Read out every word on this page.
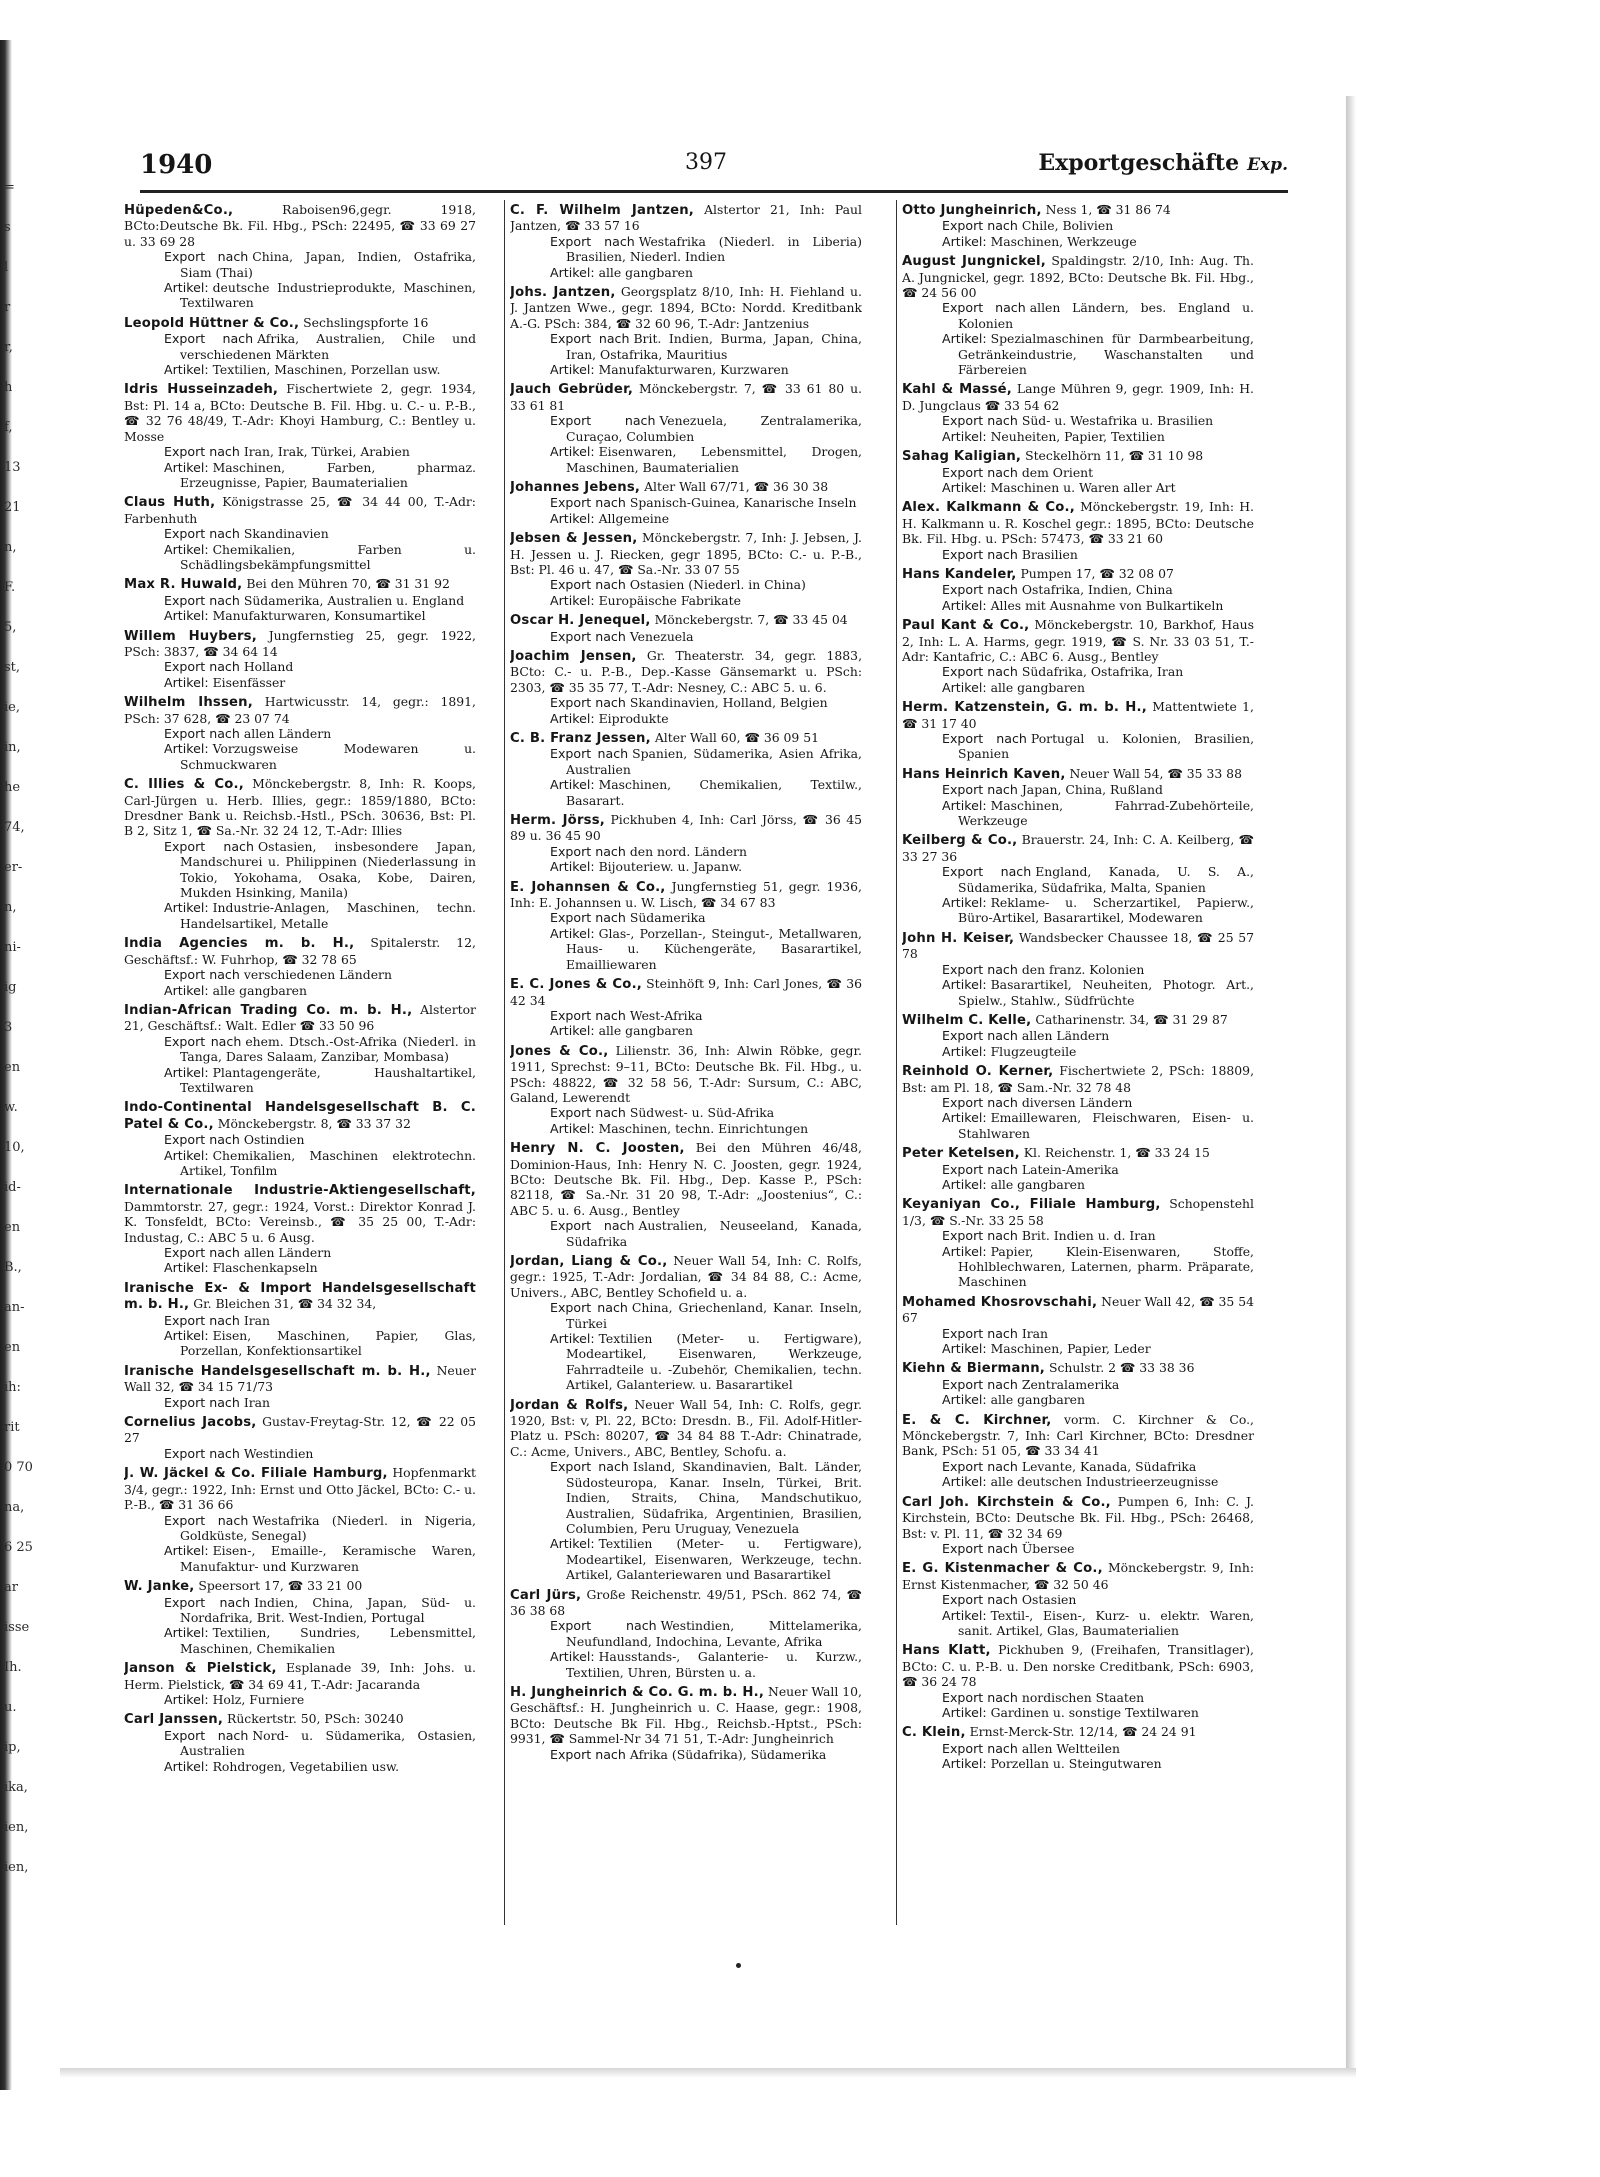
=
s
l
r
r,
h
f,
13
21
n,
F.
5,
st,
ie,
in,
he
74,
er-
n,
ni-
ig
3
en
w.
10,
id-
en
B.,
an-
en
ih:
rit
0 70
na,
6 25
ar
isse
Ih.
u.
ip,
ika,
ien,
ien,
1940	397	Exportgeschäfte Exp.
Hüpeden&Co.,	Raboisen96,gegr. 1918, BCto:Deutsche Bk. Fil. Hbg., PSch: 22495, ☎ 33 69 27 u. 33 69 28
Export nach China, Japan, Indien, Ostafrika, Siam (Thai)
Artikel: deutsche Industrieprodukte, Maschinen, Textilwaren
Leopold Hüttner & Co., Sechslingspforte 16
Export nach Afrika, Australien, Chile und verschiedenen Märkten
Artikel: Textilien, Maschinen, Porzellan usw.
Idris Husseinzadeh, Fischertwiete 2, gegr. 1934, Bst: Pl. 14 a, BCto: Deutsche B. Fil. Hbg. u. C.- u. P.-B., ☎ 32 76 48/49, T.-Adr: Khoyi Hamburg, C.: Bentley u. Mosse
Export nach Iran, Irak, Türkei, Arabien
Artikel: Maschinen, Farben, pharmaz. Erzeugnisse, Papier, Baumaterialien
Claus Huth, Königstrasse 25, ☎ 34 44 00, T.-Adr: Farbenhuth
Export nach Skandinavien
Artikel: Chemikalien, Farben u. Schädlingsbekämpfungsmittel
Max R. Huwald, Bei den Mühren 70, ☎ 31 31 92
Export nach Südamerika, Australien u. England
Artikel: Manufakturwaren, Konsumartikel
Willem Huybers, Jungfernstieg 25, gegr. 1922, PSch: 3837, ☎ 34 64 14
Export nach Holland
Artikel: Eisenfässer
Wilhelm Ihssen, Hartwicusstr. 14, gegr.: 1891, PSch: 37 628, ☎ 23 07 74
Export nach allen Ländern
Artikel: Vorzugsweise Modewaren u. Schmuckwaren
C. Illies & Co., Mönckebergstr. 8, Inh: R. Koops, Carl-Jürgen u. Herb. Illies, gegr.: 1859/1880, BCto: Dresdner Bank u. Reichsb.-Hstl., PSch. 30636, Bst: Pl. B 2, Sitz 1, ☎ Sa.-Nr. 32 24 12, T.-Adr: Illies
Export nach Ostasien, insbesondere Japan, Mandschurei u. Philippinen (Niederlassung in Tokio, Yokohama, Osaka, Kobe, Dairen, Mukden Hsinking, Manila)
Artikel: Industrie-Anlagen, Maschinen, techn. Handelsartikel, Metalle
India Agencies m. b. H., Spitalerstr. 12, Geschäftsf.: W. Fuhrhop, ☎ 32 78 65
Export nach verschiedenen Ländern
Artikel: alle gangbaren
Indian-African Trading Co. m. b. H., Alstertor 21, Geschäftsf.: Walt. Edler ☎ 33 50 96
Export nach ehem. Dtsch.-Ost-Afrika (Niederl. in Tanga, Dares Salaam, Zanzibar, Mombasa)
Artikel: Plantagengeräte, Haushaltartikel, Textilwaren
Indo-Continental Handelsgesellschaft B. C. Patel & Co., Mönckebergstr. 8, ☎ 33 37 32
Export nach Ostindien
Artikel: Chemikalien, Maschinen elektrotechn. Artikel, Tonfilm
Internationale Industrie-Aktiengesellschaft, Dammtorstr. 27, gegr.: 1924, Vorst.: Direktor Konrad J. K. Tonsfeldt, BCto: Vereinsb., ☎ 35 25 00, T.-Adr: Industag, C.: ABC 5 u. 6 Ausg.
Export nach allen Ländern
Artikel: Flaschenkapseln
Iranische Ex- & Import Handelsgesellschaft m. b. H., Gr. Bleichen 31, ☎ 34 32 34,
Export nach Iran
Artikel: Eisen, Maschinen, Papier, Glas, Porzellan, Konfektionsartikel
Iranische Handelsgesellschaft m. b. H., Neuer Wall 32, ☎ 34 15 71/73
Export nach Iran
Cornelius Jacobs, Gustav-Freytag-Str. 12, ☎ 22 05 27
Export nach Westindien
J. W. Jäckel & Co. Filiale Hamburg, Hopfenmarkt 3/4, gegr.: 1922, Inh: Ernst und Otto Jäckel, BCto: C.- u. P.-B., ☎ 31 36 66
Export nach Westafrika (Niederl. in Nigeria, Goldküste, Senegal)
Artikel: Eisen-, Emaille-, Keramische Waren, Manufaktur- und Kurzwaren
W. Janke, Speersort 17, ☎ 33 21 00
Export nach Indien, China, Japan, Süd- u. Nordafrika, Brit. West-Indien, Portugal
Artikel: Textilien, Sundries, Lebensmittel, Maschinen, Chemikalien
Janson & Pielstick, Esplanade 39, Inh: Johs. u. Herm. Pielstick, ☎ 34 69 41, T.-Adr: Jacaranda
Artikel: Holz, Furniere
Carl Janssen, Rückertstr. 50, PSch: 30240
Export nach Nord- u. Südamerika, Ostasien, Australien
Artikel: Rohdrogen, Vegetabilien usw.
C. F. Wilhelm Jantzen, Alstertor 21, Inh: Paul Jantzen, ☎ 33 57 16
Export nach Westafrika (Niederl. in Liberia) Brasilien, Niederl. Indien
Artikel: alle gangbaren
Johs. Jantzen, Georgsplatz 8/10, Inh: H. Fiehland u. J. Jantzen Wwe., gegr. 1894, BCto: Nordd. Kreditbank A.-G. PSch: 384, ☎ 32 60 96, T.-Adr: Jantzenius
Export nach Brit. Indien, Burma, Japan, China, Iran, Ostafrika, Mauritius
Artikel: Manufakturwaren, Kurzwaren
Jauch Gebrüder, Mönckebergstr. 7, ☎ 33 61 80 u. 33 61 81
Export nach Venezuela, Zentralamerika, Curaçao, Columbien
Artikel: Eisenwaren, Lebensmittel, Drogen, Maschinen, Baumaterialien
Johannes Jebens, Alter Wall 67/71, ☎ 36 30 38
Export nach Spanisch-Guinea, Kanarische Inseln
Artikel: Allgemeine
Jebsen & Jessen, Mönckebergstr. 7, Inh: J. Jebsen, J. H. Jessen u. J. Riecken, gegr 1895, BCto: C.- u. P.-B., Bst: Pl. 46 u. 47, ☎ Sa.-Nr. 33 07 55
Export nach Ostasien (Niederl. in China)
Artikel: Europäische Fabrikate
Oscar H. Jenequel, Mönckebergstr. 7, ☎ 33 45 04
Export nach Venezuela
Joachim Jensen, Gr. Theaterstr. 34, gegr. 1883, BCto: C.- u. P.-B., Dep.-Kasse Gänsemarkt u. PSch: 2303, ☎ 35 35 77, T.-Adr: Nesney, C.: ABC 5. u. 6.
Export nach Skandinavien, Holland, Belgien
Artikel: Eiprodukte
C. B. Franz Jessen, Alter Wall 60, ☎ 36 09 51
Export nach Spanien, Südamerika, Asien Afrika, Australien
Artikel: Maschinen, Chemikalien, Textilw., Basarart.
Herm. Jörss, Pickhuben 4, Inh: Carl Jörss, ☎ 36 45 89 u. 36 45 90
Export nach den nord. Ländern
Artikel: Bijouteriew. u. Japanw.
E. Johannsen & Co., Jungfernstieg 51, gegr. 1936, Inh: E. Johannsen u. W. Lisch, ☎ 34 67 83
Export nach Südamerika
Artikel: Glas-, Porzellan-, Steingut-, Metallwaren, Haus- u. Küchengeräte, Basarartikel, Emailliewaren
E. C. Jones & Co., Steinhöft 9, Inh: Carl Jones, ☎ 36 42 34
Export nach West-Afrika
Artikel: alle gangbaren
Jones & Co., Lilienstr. 36, Inh: Alwin Röbke, gegr. 1911, Sprechst: 9–11, BCto: Deutsche Bk. Fil. Hbg., u. PSch: 48822, ☎ 32 58 56, T.-Adr: Sursum, C.: ABC, Galand, Lewerendt
Export nach Südwest- u. Süd-Afrika
Artikel: Maschinen, techn. Einrichtungen
Henry N. C. Joosten, Bei den Mühren 46/48, Dominion-Haus, Inh: Henry N. C. Joosten, gegr. 1924, BCto: Deutsche Bk. Fil. Hbg., Dep. Kasse P., PSch: 82118, ☎ Sa.-Nr. 31 20 98, T.-Adr: „Joostenius“, C.: ABC 5. u. 6. Ausg., Bentley
Export nach Australien, Neuseeland, Kanada, Südafrika
Jordan, Liang & Co., Neuer Wall 54, Inh: C. Rolfs, gegr.: 1925, T.-Adr: Jordalian, ☎ 34 84 88, C.: Acme, Univers., ABC, Bentley Schofield u. a.
Export nach China, Griechenland, Kanar. Inseln, Türkei
Artikel: Textilien (Meter- u. Fertigware), Modeartikel, Eisenwaren, Werkzeuge, Fahrradteile u. -Zubehör, Chemikalien, techn. Artikel, Galanteriew. u. Basarartikel
Jordan & Rolfs, Neuer Wall 54, Inh: C. Rolfs, gegr. 1920, Bst: v, Pl. 22, BCto: Dresdn. B., Fil. Adolf-Hitler-Platz u. PSch: 80207, ☎ 34 84 88 T.-Adr: Chinatrade, C.: Acme, Univers., ABC, Bentley, Schofu. a.
Export nach Island, Skandinavien, Balt. Länder, Südosteuropa, Kanar. Inseln, Türkei, Brit. Indien, Straits, China, Mandschutikuo, Australien, Südafrika, Argentinien, Brasilien, Columbien, Peru Uruguay, Venezuela
Artikel: Textilien (Meter- u. Fertigware), Modeartikel, Eisenwaren, Werkzeuge, techn. Artikel, Galanteriewaren und Basarartikel
Carl Jürs, Große Reichenstr. 49/51, PSch. 862 74, ☎ 36 38 68
Export nach Westindien, Mittelamerika, Neufundland, Indochina, Levante, Afrika
Artikel: Hausstands-, Galanterie- u. Kurzw., Textilien, Uhren, Bürsten u. a.
H. Jungheinrich & Co. G. m. b. H., Neuer Wall 10, Geschäftsf.: H. Jungheinrich u. C. Haase, gegr.: 1908, BCto: Deutsche Bk Fil. Hbg., Reichsb.-Hptst., PSch: 9931, ☎ Sammel-Nr 34 71 51, T.-Adr: Jungheinrich
Export nach Afrika (Südafrika), Südamerika
Otto Jungheinrich, Ness 1, ☎ 31 86 74
Export nach Chile, Bolivien
Artikel: Maschinen, Werkzeuge
August Jungnickel, Spaldingstr. 2/10, Inh: Aug. Th. A. Jungnickel, gegr. 1892, BCto: Deutsche Bk. Fil. Hbg., ☎ 24 56 00
Export nach allen Ländern, bes. England u. Kolonien
Artikel: Spezialmaschinen für Darmbearbeitung, Getränkeindustrie, Waschanstalten und Färbereien
Kahl & Massé, Lange Mühren 9, gegr. 1909, Inh: H. D. Jungclaus ☎ 33 54 62
Export nach Süd- u. Westafrika u. Brasilien
Artikel: Neuheiten, Papier, Textilien
Sahag Kaligian, Steckelhörn 11, ☎ 31 10 98
Export nach dem Orient
Artikel: Maschinen u. Waren aller Art
Alex. Kalkmann & Co., Mönckebergstr. 19, Inh: H. H. Kalkmann u. R. Koschel gegr.: 1895, BCto: Deutsche Bk. Fil. Hbg. u. PSch: 57473, ☎ 33 21 60
Export nach Brasilien
Hans Kandeler, Pumpen 17, ☎ 32 08 07
Export nach Ostafrika, Indien, China
Artikel: Alles mit Ausnahme von Bulkartikeln
Paul Kant & Co., Mönckebergstr. 10, Barkhof, Haus 2, Inh: L. A. Harms, gegr. 1919, ☎ S. Nr. 33 03 51, T.-Adr: Kantafric, C.: ABC 6. Ausg., Bentley
Export nach Südafrika, Ostafrika, Iran
Artikel: alle gangbaren
Herm. Katzenstein, G. m. b. H., Mattentwiete 1, ☎ 31 17 40
Export nach Portugal u. Kolonien, Brasilien, Spanien
Hans Heinrich Kaven, Neuer Wall 54, ☎ 35 33 88
Export nach Japan, China, Rußland
Artikel: Maschinen, Fahrrad-Zubehörteile, Werkzeuge
Keilberg & Co., Brauerstr. 24, Inh: C. A. Keilberg, ☎ 33 27 36
Export nach England, Kanada, U. S. A., Südamerika, Südafrika, Malta, Spanien
Artikel: Reklame- u. Scherzartikel, Papierw., Büro-Artikel, Basarartikel, Modewaren
John H. Keiser, Wandsbecker Chaussee 18, ☎ 25 57 78
Export nach den franz. Kolonien
Artikel: Basarartikel, Neuheiten, Photogr. Art., Spielw., Stahlw., Südfrüchte
Wilhelm C. Kelle, Catharinenstr. 34, ☎ 31 29 87
Export nach allen Ländern
Artikel: Flugzeugteile
Reinhold O. Kerner, Fischertwiete 2, PSch: 18809, Bst: am Pl. 18, ☎ Sam.-Nr. 32 78 48
Export nach diversen Ländern
Artikel: Emaillewaren, Fleischwaren, Eisen- u. Stahlwaren
Peter Ketelsen, Kl. Reichenstr. 1, ☎ 33 24 15
Export nach Latein-Amerika
Artikel: alle gangbaren
Keyaniyan Co., Filiale Hamburg, Schopenstehl 1/3, ☎ S.-Nr. 33 25 58
Export nach Brit. Indien u. d. Iran
Artikel: Papier, Klein-Eisenwaren, Stoffe, Hohlblechwaren, Laternen, pharm. Präparate, Maschinen
Mohamed Khosrovschahi, Neuer Wall 42, ☎ 35 54 67
Export nach Iran
Artikel: Maschinen, Papier, Leder
Kiehn & Biermann, Schulstr. 2 ☎ 33 38 36
Export nach Zentralamerika
Artikel: alle gangbaren
E. & C. Kirchner, vorm. C. Kirchner & Co., Mönckebergstr. 7, Inh: Carl Kirchner, BCto: Dresdner Bank, PSch: 51 05, ☎ 33 34 41
Export nach Levante, Kanada, Südafrika
Artikel: alle deutschen Industrieerzeugnisse
Carl Joh. Kirchstein & Co., Pumpen 6, Inh: C. J. Kirchstein, BCto: Deutsche Bk. Fil. Hbg., PSch: 26468, Bst: v. Pl. 11, ☎ 32 34 69
Export nach Übersee
E. G. Kistenmacher & Co., Mönckebergstr. 9, Inh: Ernst Kistenmacher, ☎ 32 50 46
Export nach Ostasien
Artikel: Textil-, Eisen-, Kurz- u. elektr. Waren, sanit. Artikel, Glas, Baumaterialien
Hans Klatt, Pickhuben 9, (Freihafen, Transitlager), BCto: C. u. P.-B. u. Den norske Creditbank, PSch: 6903, ☎ 36 24 78
Export nach nordischen Staaten
Artikel: Gardinen u. sonstige Textilwaren
C. Klein, Ernst-Merck-Str. 12/14, ☎ 24 24 91
Export nach allen Weltteilen
Artikel: Porzellan u. Steingutwaren
